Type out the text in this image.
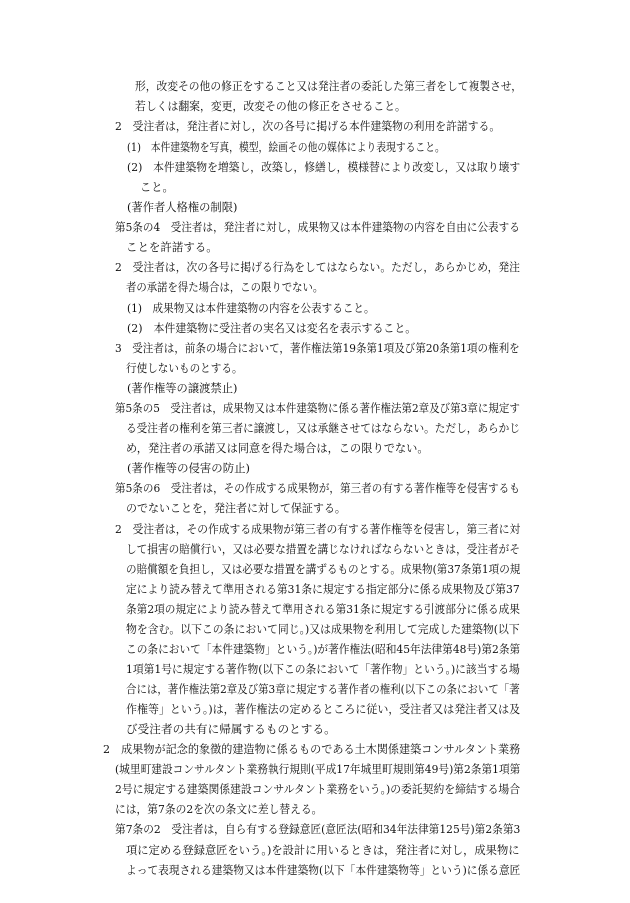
形，改変その他の修正をすること又は発注者の委託した第三者をして複製させ，
若しくは翻案，変更，改変その他の修正をさせること。
2　受注者は，発注者に対し，次の各号に掲げる本件建築物の利用を許諾する。
(1)　本件建築物を写真，模型，絵画その他の媒体により表現すること。
(2)　本件建築物を増築し，改築し，修繕し，模様替により改変し，又は取り壊す
こと。
(著作者人格権の制限)
第5条の4　受注者は，発注者に対し，成果物又は本件建築物の内容を自由に公表する
ことを許諾する。
2　受注者は，次の各号に掲げる行為をしてはならない。ただし，あらかじめ，発注
者の承諾を得た場合は，この限りでない。
(1)　成果物又は本件建築物の内容を公表すること。
(2)　本件建築物に受注者の実名又は変名を表示すること。
3　受注者は，前条の場合において，著作権法第19条第1項及び第20条第1項の権利を
行使しないものとする。
(著作権等の譲渡禁止)
第5条の5　受注者は，成果物又は本件建築物に係る著作権法第2章及び第3章に規定す
る受注者の権利を第三者に譲渡し，又は承継させてはならない。ただし，あらかじ
め，発注者の承諾又は同意を得た場合は，この限りでない。
(著作権等の侵害の防止)
第5条の6　受注者は，その作成する成果物が，第三者の有する著作権等を侵害するも
のでないことを，発注者に対して保証する。
2　受注者は，その作成する成果物が第三者の有する著作権等を侵害し，第三者に対
して損害の賠償行い，又は必要な措置を講じなければならないときは，受注者がそ
の賠償額を負担し，又は必要な措置を講ずるものとする。成果物(第37条第1項の規
定により読み替えて準用される第31条に規定する指定部分に係る成果物及び第37
条第2項の規定により読み替えて準用される第31条に規定する引渡部分に係る成果
物を含む。以下この条において同じ。)又は成果物を利用して完成した建築物(以下
この条において「本件建築物」という。)が著作権法(昭和45年法律第48号)第2条第
1項第1号に規定する著作物(以下この条において「著作物」という。)に該当する場
合には，著作権法第2章及び第3章に規定する著作者の権利(以下この条において「著
作権等」という。)は，著作権法の定めるところに従い，受注者又は発注者又は及
び受注者の共有に帰属するものとする。
2　成果物が記念的象徴的建造物に係るものである土木関係建築コンサルタント業務
(城里町建設コンサルタント業務執行規則(平成17年城里町規則第49号)第2条第1項第
2号に規定する建築関係建設コンサルタント業務をいう。)の委託契約を締結する場合
には，第7条の2を次の条文に差し替える。
第7条の2　受注者は，自ら有する登録意匠(意匠法(昭和34年法律第125号)第2条第3
項に定める登録意匠をいう。)を設計に用いるときは，発注者に対し，成果物に
よって表現される建築物又は本件建築物(以下「本件建築物等」という)に係る意匠
